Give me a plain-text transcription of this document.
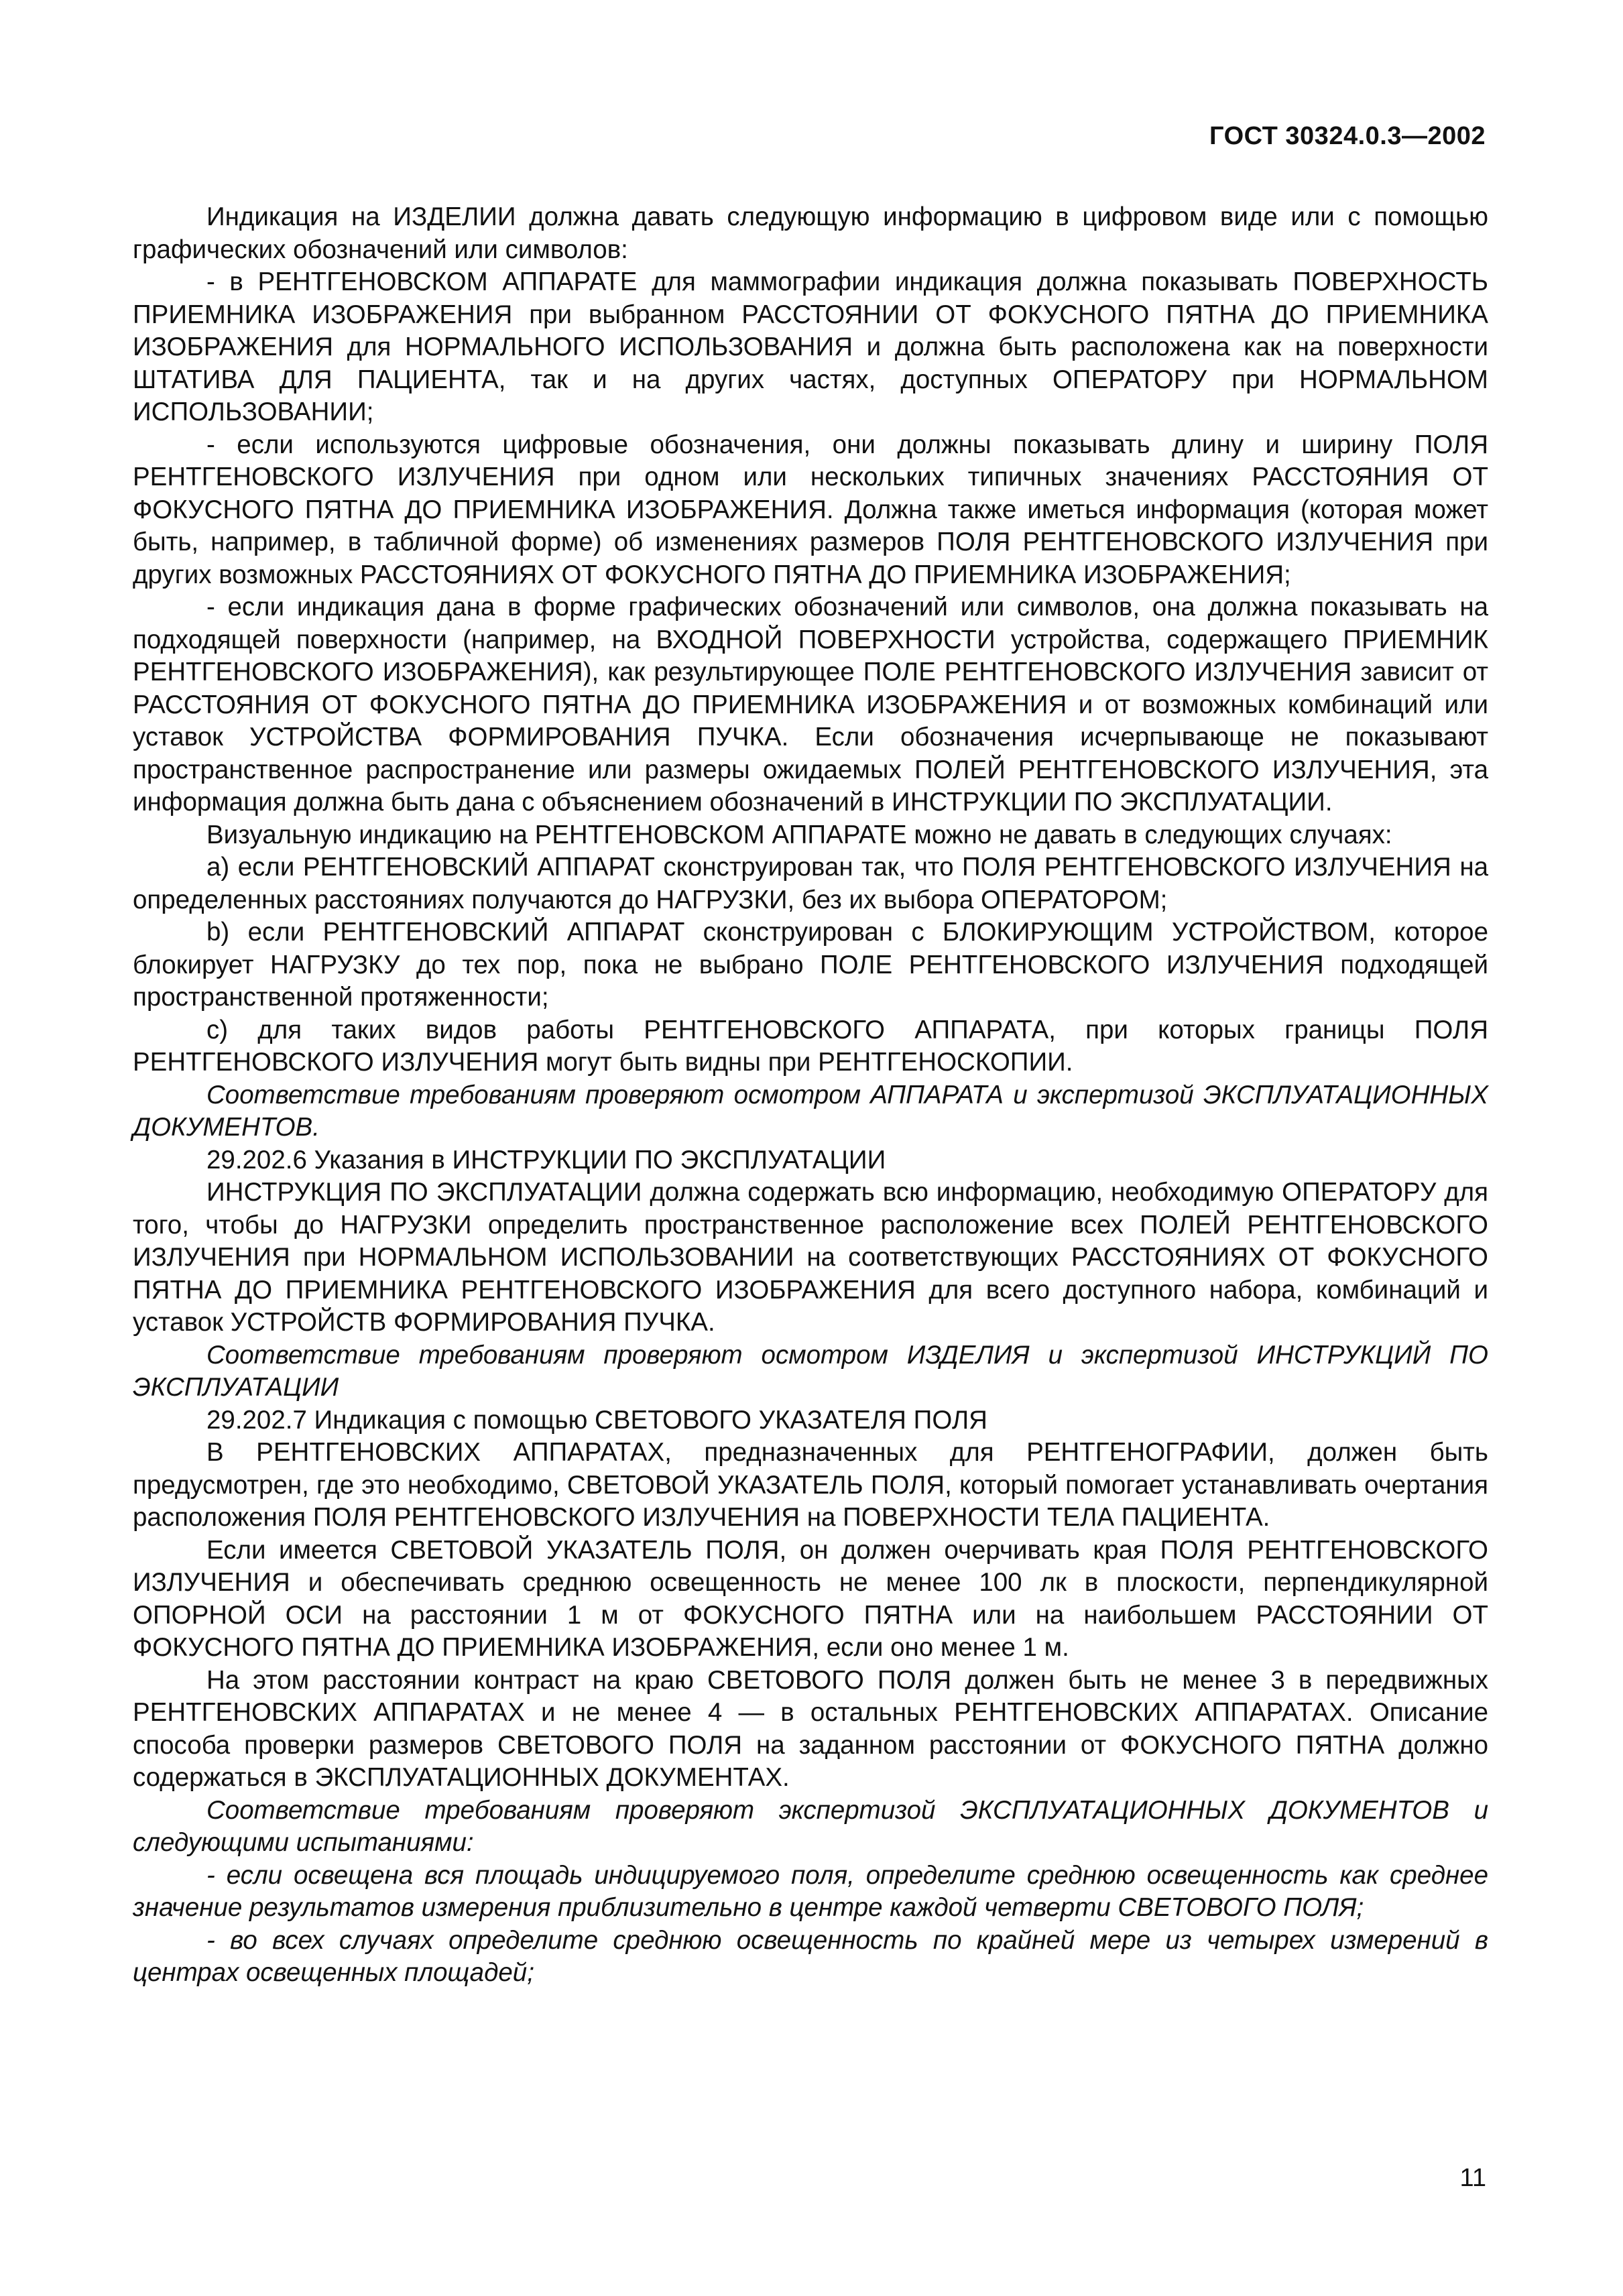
ГОСТ 30324.0.3—2002

Индикация на ИЗДЕЛИИ должна давать следующую информацию в цифровом виде или с помощью графических обозначений или символов:

- в РЕНТГЕНОВСКОМ АППАРАТЕ для маммографии индикация должна показывать ПОВЕРХНОСТЬ ПРИЕМНИКА ИЗОБРАЖЕНИЯ при выбранном РАССТОЯНИИ ОТ ФОКУСНОГО ПЯТНА ДО ПРИЕМНИКА ИЗОБРАЖЕНИЯ для НОРМАЛЬНОГО ИСПОЛЬЗОВАНИЯ и должна быть расположена как на поверхности ШТАТИВА ДЛЯ ПАЦИЕНТА, так и на других частях, доступных ОПЕРАТОРУ при НОРМАЛЬНОМ ИСПОЛЬЗОВАНИИ;

- если используются цифровые обозначения, они должны показывать длину и ширину ПОЛЯ РЕНТГЕНОВСКОГО ИЗЛУЧЕНИЯ при одном или нескольких типичных значениях РАССТОЯНИЯ ОТ ФОКУСНОГО ПЯТНА ДО ПРИЕМНИКА ИЗОБРАЖЕНИЯ. Должна также иметься информация (которая может быть, например, в табличной форме) об изменениях размеров ПОЛЯ РЕНТГЕНОВСКОГО ИЗЛУЧЕНИЯ при других возможных РАССТОЯНИЯХ ОТ ФОКУСНОГО ПЯТНА ДО ПРИЕМНИКА ИЗОБРАЖЕНИЯ;

- если индикация дана в форме графических обозначений или символов, она должна показывать на подходящей поверхности (например, на ВХОДНОЙ ПОВЕРХНОСТИ устройства, содержащего ПРИЕМНИК РЕНТГЕНОВСКОГО ИЗОБРАЖЕНИЯ), как результирующее ПОЛЕ РЕНТГЕНОВСКОГО ИЗЛУЧЕНИЯ зависит от РАССТОЯНИЯ ОТ ФОКУСНОГО ПЯТНА ДО ПРИЕМНИКА ИЗОБРАЖЕНИЯ и от возможных комбинаций или уставок УСТРОЙСТВА ФОРМИРОВАНИЯ ПУЧКА. Если обозначения исчерпывающе не показывают пространственное распространение или размеры ожидаемых ПОЛЕЙ РЕНТГЕНОВСКОГО ИЗЛУЧЕНИЯ, эта информация должна быть дана с объяснением обозначений в ИНСТРУКЦИИ ПО ЭКСПЛУАТАЦИИ.

Визуальную индикацию на РЕНТГЕНОВСКОМ АППАРАТЕ можно не давать в следующих случаях:

a) если РЕНТГЕНОВСКИЙ АППАРАТ сконструирован так, что ПОЛЯ РЕНТГЕНОВСКОГО ИЗЛУЧЕНИЯ на определенных расстояниях получаются до НАГРУЗКИ, без их выбора ОПЕРАТОРОМ;

b) если РЕНТГЕНОВСКИЙ АППАРАТ сконструирован с БЛОКИРУЮЩИМ УСТРОЙСТВОМ, которое блокирует НАГРУЗКУ до тех пор, пока не выбрано ПОЛЕ РЕНТГЕНОВСКОГО ИЗЛУЧЕНИЯ подходящей пространственной протяженности;

c) для таких видов работы РЕНТГЕНОВСКОГО АППАРАТА, при которых границы ПОЛЯ РЕНТГЕНОВСКОГО ИЗЛУЧЕНИЯ могут быть видны при РЕНТГЕНОСКОПИИ.

Соответствие требованиям проверяют осмотром АППАРАТА и экспертизой ЭКСПЛУАТАЦИОННЫХ ДОКУМЕНТОВ.

29.202.6 Указания в ИНСТРУКЦИИ ПО ЭКСПЛУАТАЦИИ

ИНСТРУКЦИЯ ПО ЭКСПЛУАТАЦИИ должна содержать всю информацию, необходимую ОПЕРАТОРУ для того, чтобы до НАГРУЗКИ определить пространственное расположение всех ПОЛЕЙ РЕНТГЕНОВСКОГО ИЗЛУЧЕНИЯ при НОРМАЛЬНОМ ИСПОЛЬЗОВАНИИ на соответствующих РАССТОЯНИЯХ ОТ ФОКУСНОГО ПЯТНА ДО ПРИЕМНИКА РЕНТГЕНОВСКОГО ИЗОБРАЖЕНИЯ для всего доступного набора, комбинаций и уставок УСТРОЙСТВ ФОРМИРОВАНИЯ ПУЧКА.

Соответствие требованиям проверяют осмотром ИЗДЕЛИЯ и экспертизой ИНСТРУКЦИЙ ПО ЭКСПЛУАТАЦИИ

29.202.7 Индикация с помощью СВЕТОВОГО УКАЗАТЕЛЯ ПОЛЯ

В РЕНТГЕНОВСКИХ АППАРАТАХ, предназначенных для РЕНТГЕНОГРАФИИ, должен быть предусмотрен, где это необходимо, СВЕТОВОЙ УКАЗАТЕЛЬ ПОЛЯ, который помогает устанавливать очертания расположения ПОЛЯ РЕНТГЕНОВСКОГО ИЗЛУЧЕНИЯ на ПОВЕРХНОСТИ ТЕЛА ПАЦИЕНТА.

Если имеется СВЕТОВОЙ УКАЗАТЕЛЬ ПОЛЯ, он должен очерчивать края ПОЛЯ РЕНТГЕНОВСКОГО ИЗЛУЧЕНИЯ и обеспечивать среднюю освещенность не менее 100 лк в плоскости, перпендикулярной ОПОРНОЙ ОСИ на расстоянии 1 м от ФОКУСНОГО ПЯТНА или на наибольшем РАССТОЯНИИ ОТ ФОКУСНОГО ПЯТНА ДО ПРИЕМНИКА ИЗОБРАЖЕНИЯ, если оно менее 1 м.

На этом расстоянии контраст на краю СВЕТОВОГО ПОЛЯ должен быть не менее 3 в передвижных РЕНТГЕНОВСКИХ АППАРАТАХ и не менее 4 — в остальных РЕНТГЕНОВСКИХ АППАРАТАХ. Описание способа проверки размеров СВЕТОВОГО ПОЛЯ на заданном расстоянии от ФОКУСНОГО ПЯТНА должно содержаться в ЭКСПЛУАТАЦИОННЫХ ДОКУМЕНТАХ.

Соответствие требованиям проверяют экспертизой ЭКСПЛУАТАЦИОННЫХ ДОКУМЕНТОВ и следующими испытаниями:

- если освещена вся площадь индицируемого поля, определите среднюю освещенность как среднее значение результатов измерения приблизительно в центре каждой четверти СВЕТОВОГО ПОЛЯ;

- во всех случаях определите среднюю освещенность по крайней мере из четырех измерений в центрах освещенных площадей;

11
